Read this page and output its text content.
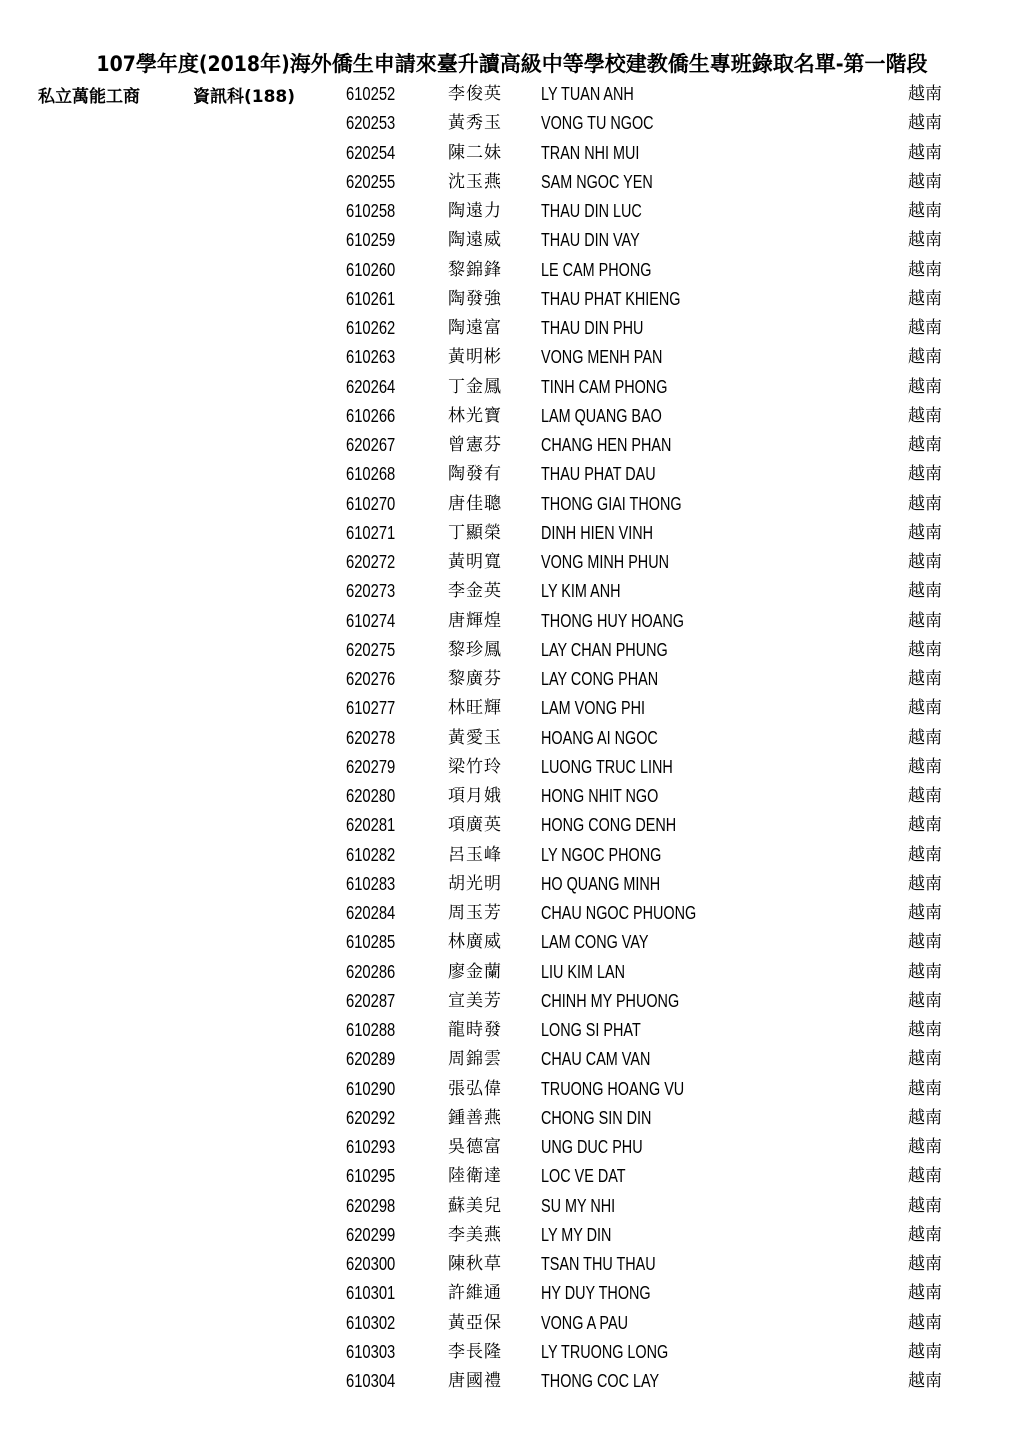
107學年度(2018年)海外僑生申請來臺升讀高級中等學校建教僑生專班錄取名單-第一階段
私立萬能工商	資訊科(188)	610252	李俊英 LY TUAN ANH	越南
620253	黃秀玉 VONG TU NGOC	越南
620254	陳二妹 TRAN NHI MUI	越南
620255	沈玉燕 SAM NGOC YEN	越南
610258	陶遠力 THAU DIN LUC	越南
610259	陶遠威 THAU DIN VAY	越南
610260	黎錦鋒 LE CAM PHONG	越南
610261	陶發強 THAU PHAT KHIENG	越南
610262	陶遠富 THAU DIN PHU	越南
610263	黃明彬 VONG MENH PAN	越南
620264	丁金鳳 TINH CAM PHONG	越南
610266	林光寶 LAM QUANG BAO	越南
620267	曾憲芬 CHANG HEN PHAN	越南
610268	陶發有 THAU PHAT DAU	越南
610270	唐佳聰 THONG GIAI THONG	越南
610271	丁顯榮 DINH HIEN VINH	越南
620272	黃明寬 VONG MINH PHUN	越南
620273	李金英 LY KIM ANH	越南
610274	唐輝煌 THONG HUY HOANG	越南
620275	黎珍鳳 LAY CHAN PHUNG	越南
620276	黎廣芬 LAY CONG PHAN	越南
610277	林旺輝 LAM VONG PHI	越南
620278	黃愛玉 HOANG AI NGOC	越南
620279	梁竹玲 LUONG TRUC LINH	越南
620280	項月娥 HONG NHIT NGO	越南
620281	項廣英 HONG CONG DENH	越南
610282	呂玉峰 LY NGOC PHONG	越南
610283	胡光明 HO QUANG MINH	越南
620284	周玉芳 CHAU NGOC PHUONG	越南
610285	林廣威 LAM CONG VAY	越南
620286	廖金蘭 LIU KIM LAN	越南
620287	宣美芳 CHINH MY PHUONG	越南
610288	龍時發 LONG SI PHAT	越南
620289	周錦雲 CHAU CAM VAN	越南
610290	張弘偉 TRUONG HOANG VU	越南
620292	鍾善燕 CHONG SIN DIN	越南
610293	吳德富 UNG DUC PHU	越南
610295	陸衛達 LOC VE DAT	越南
620298	蘇美兒 SU MY NHI	越南
620299	李美燕 LY MY DIN	越南
620300	陳秋草 TSAN THU THAU	越南
610301	許維通 HY DUY THONG	越南
610302	黃亞保 VONG A PAU	越南
610303	李長隆 LY TRUONG LONG	越南
610304	唐國禮 THONG COC LAY	越南
